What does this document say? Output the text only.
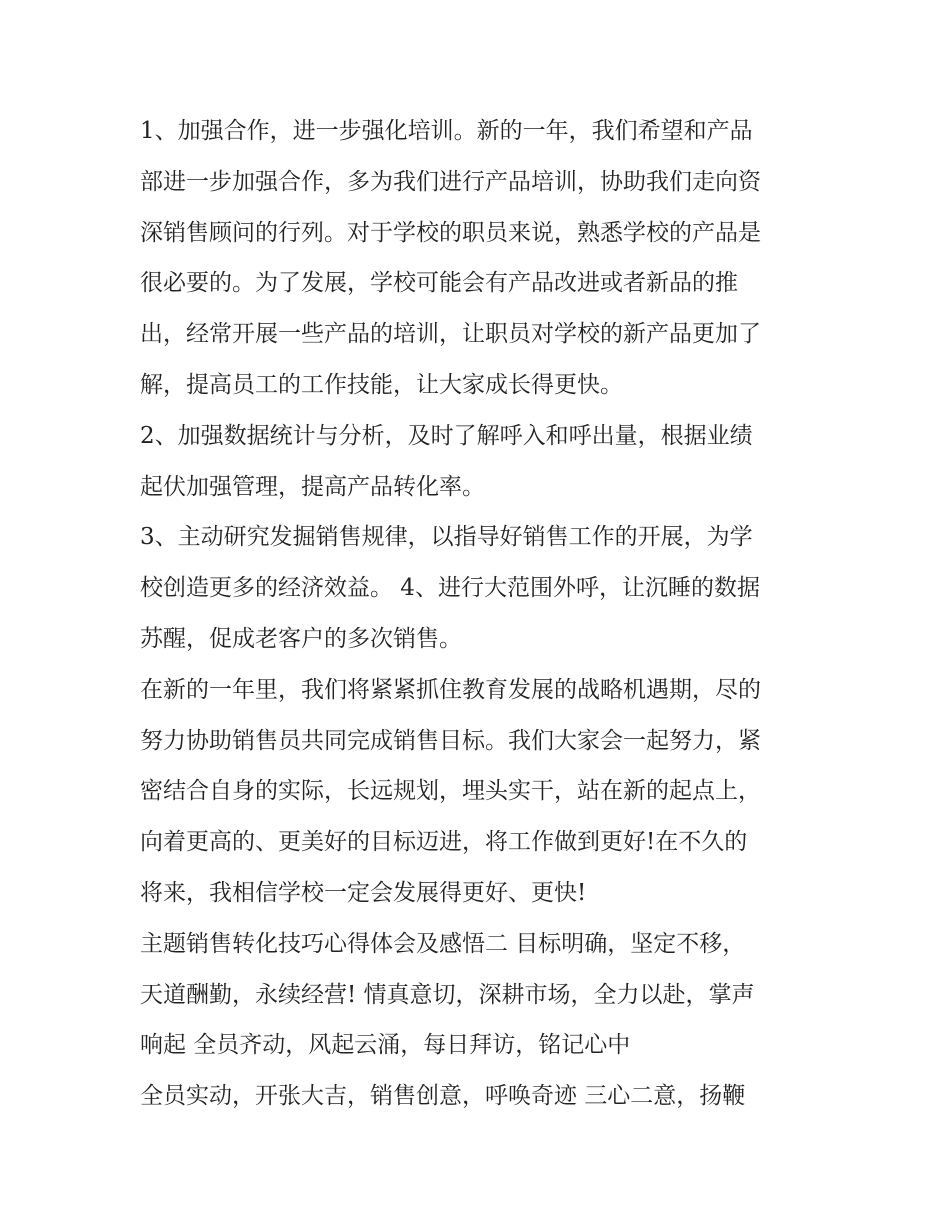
1、加强合作，进一步强化培训。新的一年，我们希望和产品
部进一步加强合作，多为我们进行产品培训，协助我们走向资
深销售顾问的行列。对于学校的职员来说，熟悉学校的产品是
很必要的。为了发展，学校可能会有产品改进或者新品的推
出，经常开展一些产品的培训，让职员对学校的新产品更加了
解，提高员工的工作技能，让大家成长得更快。
2、加强数据统计与分析，及时了解呼入和呼出量，根据业绩
起伏加强管理，提高产品转化率。
3、主动研究发掘销售规律，以指导好销售工作的开展，为学
校创造更多的经济效益。 4、进行大范围外呼，让沉睡的数据
苏醒，促成老客户的多次销售。
在新的一年里，我们将紧紧抓住教育发展的战略机遇期，尽的
努力协助销售员共同完成销售目标。我们大家会一起努力，紧
密结合自身的实际，长远规划，埋头实干，站在新的起点上，
向着更高的、更美好的目标迈进，将工作做到更好!在不久的
将来，我相信学校一定会发展得更好、更快!
主题销售转化技巧心得体会及感悟二 目标明确，坚定不移，
天道酬勤，永续经营! 情真意切，深耕市场，全力以赴，掌声
响起 全员齐动，风起云涌，每日拜访，铭记心中
全员实动，开张大吉，销售创意，呼唤奇迹 三心二意，扬鞭
